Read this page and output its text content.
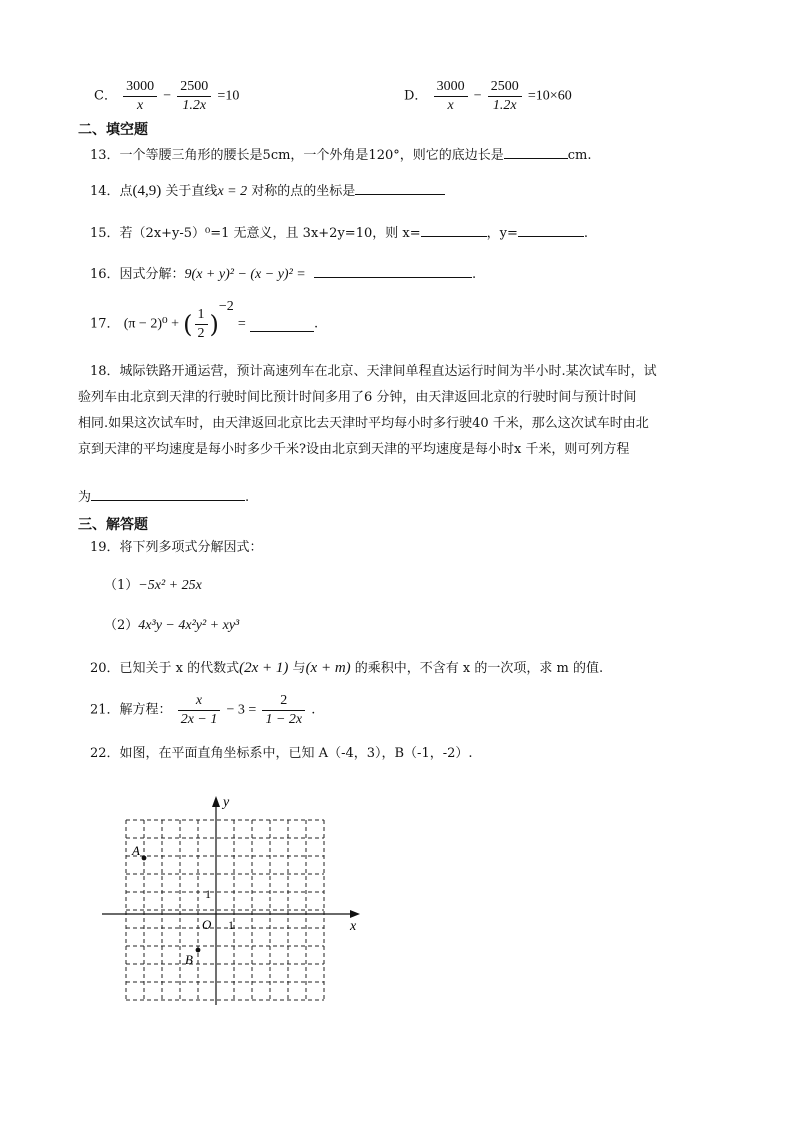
C． $\frac{3000}{x} - \frac{2500}{1.2x} =10$	D． $\frac{3000}{x} - \frac{2500}{1.2x} =10\times 60$
二、填空题
13．一个等腰三角形的腰长是5cm，一个外角是120°，则它的底边长是	cm.
14．点(4,9) 关于直线x = 2 对称的点的坐标是
15．若（2x+y-5）⁰=1 无意义，且 3x+2y=10，则 x=	，y=	.
16．因式分解：9(x + y)² − (x − y)² =	.
17． (π − 2)⁰ + ( $\frac{1}{2} )^{-2}$ =	.
18．城际铁路开通运营，预计高速列车在北京、天津间单程直达运行时间为半小时.某次试车时，试
验列车由北京到天津的行驶时间比预计时间多用了6 分钟，由天津返回北京的行驶时间与预计时间
相同.如果这次试车时，由天津返回北京比去天津时平均每小时多行驶40 千米，那么这次试车时由北
京到天津的平均速度是每小时多少千米?设由北京到天津的平均速度是每小时x 千米，则可列方程
为	.
三、解答题
19．将下列多项式分解因式：
（1）−5x² + 25x
（2）4x³y − 4x²y² + xy³
20．已知关于 x 的代数式(2x + 1) 与(x + m) 的乘积中，不含有 x 的一次项，求 m 的值.
21．解方程： $\frac{x}{2x - 1} - 3 = \frac{2}{1 - 2x}$ .
22．如图，在平面直角坐标系中，已知 A（-4，3），B（-1，-2）.
y
x
O 1
1
A
B
